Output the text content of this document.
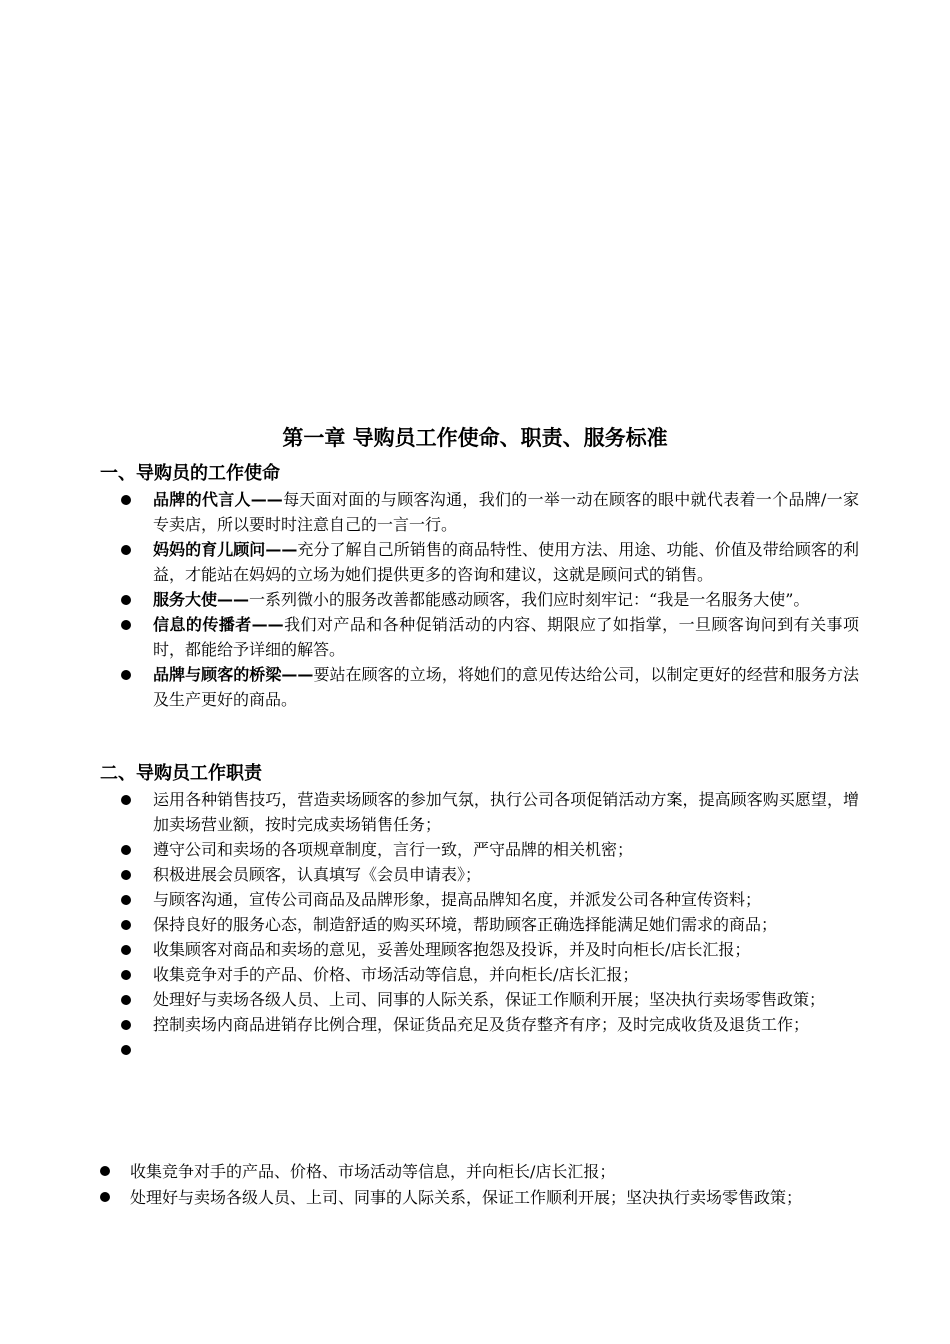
第一章 导购员工作使命、职责、服务标准
一、导购员的工作使命
品牌的代言人——每天面对面的与顾客沟通，我们的一举一动在顾客的眼中就代表着一个品牌/一家专卖店，所以要时时注意自己的一言一行。
妈妈的育儿顾问——充分了解自己所销售的商品特性、使用方法、用途、功能、价值及带给顾客的利益，才能站在妈妈的立场为她们提供更多的咨询和建议，这就是顾问式的销售。
服务大使——一系列微小的服务改善都能感动顾客，我们应时刻牢记：“我是一名服务大使”。
信息的传播者——我们对产品和各种促销活动的内容、期限应了如指掌，一旦顾客询问到有关事项时，都能给予详细的解答。
品牌与顾客的桥梁——要站在顾客的立场，将她们的意见传达给公司，以制定更好的经营和服务方法及生产更好的商品。
二、导购员工作职责
运用各种销售技巧，营造卖场顾客的参加气氛，执行公司各项促销活动方案，提高顾客购买愿望，增加卖场营业额，按时完成卖场销售任务；
遵守公司和卖场的各项规章制度，言行一致，严守品牌的相关机密；
积极进展会员顾客，认真填写《会员申请表》；
与顾客沟通，宣传公司商品及品牌形象，提高品牌知名度，并派发公司各种宣传资料；
保持良好的服务心态，制造舒适的购买环境，帮助顾客正确选择能满足她们需求的商品；
收集顾客对商品和卖场的意见，妥善处理顾客抱怨及投诉，并及时向柜长/店长汇报；
收集竞争对手的产品、价格、市场活动等信息，并向柜长/店长汇报；
处理好与卖场各级人员、上司、同事的人际关系，保证工作顺利开展；坚决执行卖场零售政策；
控制卖场内商品进销存比例合理，保证货品充足及货存整齐有序；及时完成收货及退货工作；
收集竞争对手的产品、价格、市场活动等信息，并向柜长/店长汇报；
处理好与卖场各级人员、上司、同事的人际关系，保证工作顺利开展；坚决执行卖场零售政策；
